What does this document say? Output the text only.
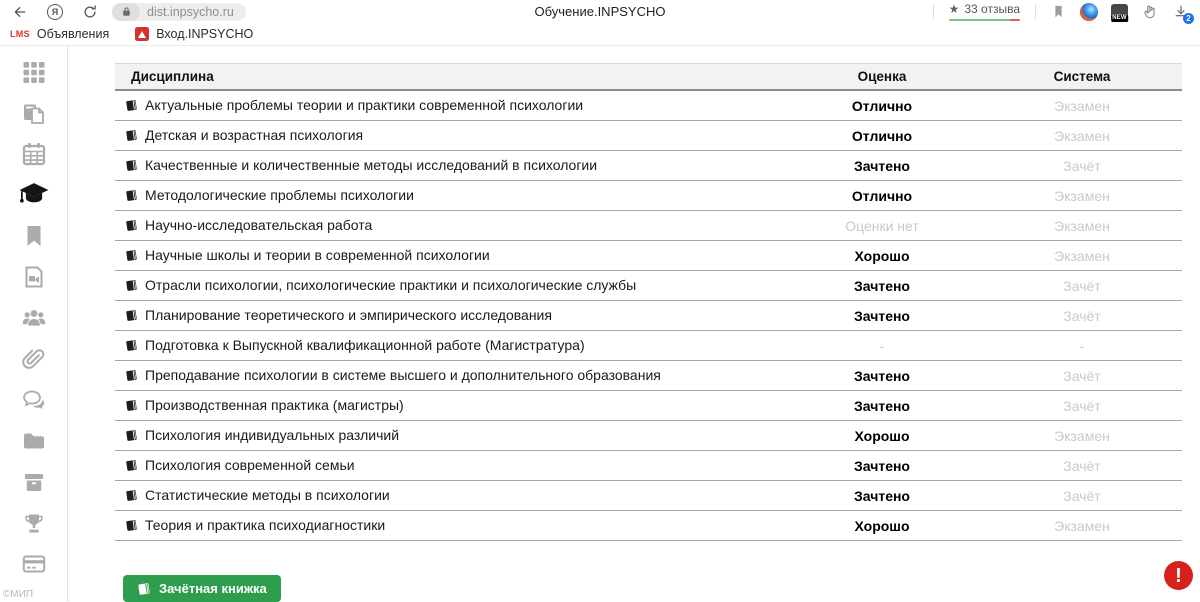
Обучение.INPSYCHO
Я	dist.inpsycho.ru	★ 33 отзыва
NEW	2
LMS Объявления	Вход.INPSYCHO
©МИП
Дисциплина	Оценка	Система
Актуальные проблемы теории и практики современной психологии	Отлично	Экзамен
Детская и возрастная психология	Отлично	Экзамен
Качественные и количественные методы исследований в психологии	Зачтено	Зачёт
Методологические проблемы психологии	Отлично	Экзамен
Научно-исследовательская работа	Оценки нет	Экзамен
Научные школы и теории в современной психологии	Хорошо	Экзамен
Отрасли психологии, психологические практики и психологические службы	Зачтено	Зачёт
Планирование теоретического и эмпирического исследования	Зачтено	Зачёт
Подготовка к Выпускной квалификационной работе (Магистратура)	-	-
Преподавание психологии в системе высшего и дополнительного образования	Зачтено	Зачёт
Производственная практика (магистры)	Зачтено	Зачёт
Психология индивидуальных различий	Хорошо	Экзамен
Психология современной семьи	Зачтено	Зачёт
Статистические методы в психологии	Зачтено	Зачёт
Теория и практика психодиагностики	Хорошо	Экзамен
Зачётная книжка
!
